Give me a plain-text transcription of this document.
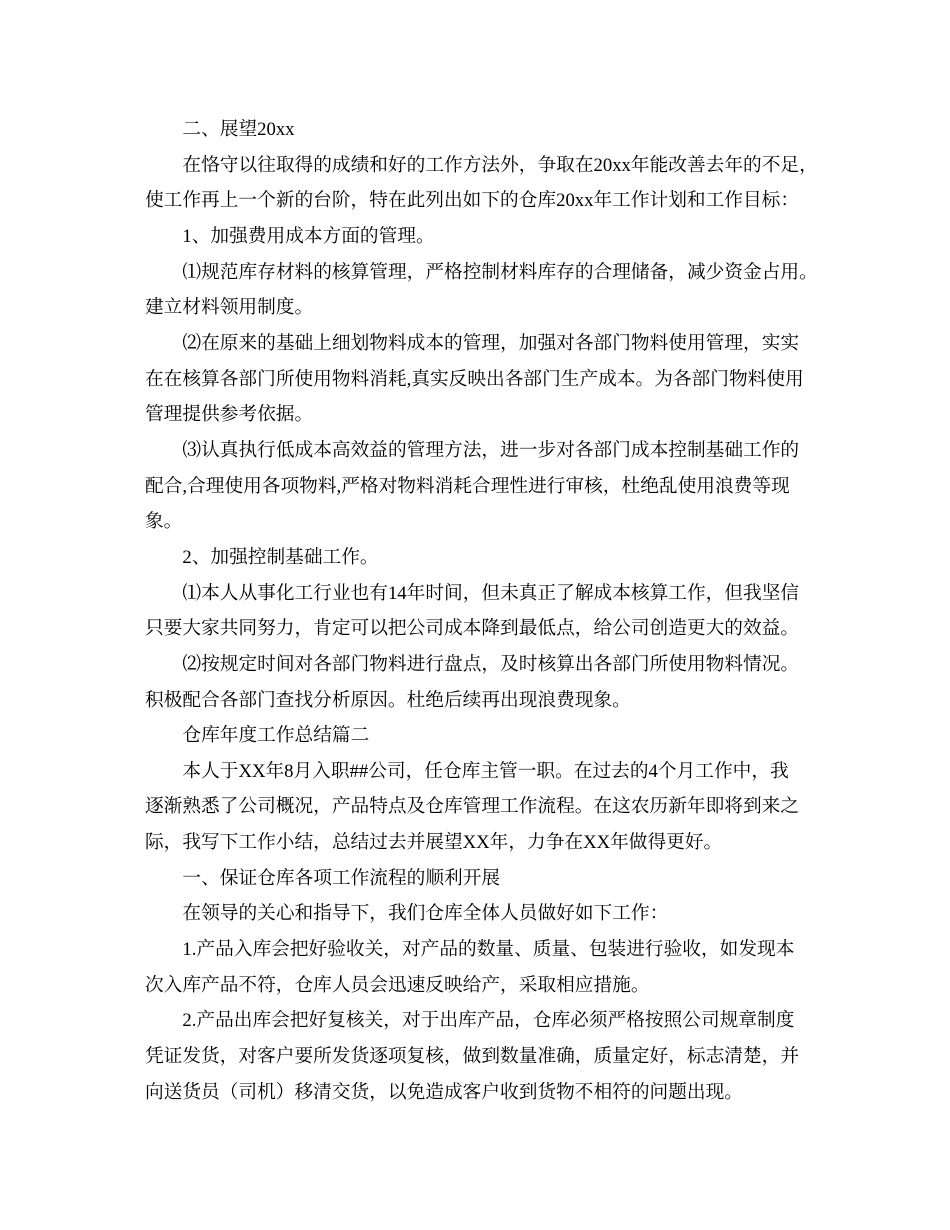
二、展望20xx
在恪守以往取得的成绩和好的工作方法外，争取在20xx年能改善去年的不足，
使工作再上一个新的台阶，特在此列出如下的仓库20xx年工作计划和工作目标：
1、加强费用成本方面的管理。
⑴规范库存材料的核算管理，严格控制材料库存的合理储备，减少资金占用。
建立材料领用制度。
⑵在原来的基础上细划物料成本的管理，加强对各部门物料使用管理，实实
在在核算各部门所使用物料消耗,真实反映出各部门生产成本。为各部门物料使用
管理提供参考依据。
⑶认真执行低成本高效益的管理方法，进一步对各部门成本控制基础工作的
配合,合理使用各项物料,严格对物料消耗合理性进行审核，杜绝乱使用浪费等现
象。
2、加强控制基础工作。
⑴本人从事化工行业也有14年时间，但未真正了解成本核算工作，但我坚信
只要大家共同努力，肯定可以把公司成本降到最低点，给公司创造更大的效益。
⑵按规定时间对各部门物料进行盘点，及时核算出各部门所使用物料情况。
积极配合各部门查找分析原因。杜绝后续再出现浪费现象。
仓库年度工作总结篇二
本人于XX年8月入职##公司，任仓库主管一职。在过去的4个月工作中，我
逐渐熟悉了公司概况，产品特点及仓库管理工作流程。在这农历新年即将到来之
际，我写下工作小结，总结过去并展望XX年，力争在XX年做得更好。
一、保证仓库各项工作流程的顺利开展
在领导的关心和指导下，我们仓库全体人员做好如下工作：
1.产品入库会把好验收关，对产品的数量、质量、包装进行验收，如发现本
次入库产品不符，仓库人员会迅速反映给产，采取相应措施。
2.产品出库会把好复核关，对于出库产品，仓库必须严格按照公司规章制度
凭证发货，对客户要所发货逐项复核，做到数量准确，质量定好，标志清楚，并
向送货员（司机）移清交货，以免造成客户收到货物不相符的问题出现。
